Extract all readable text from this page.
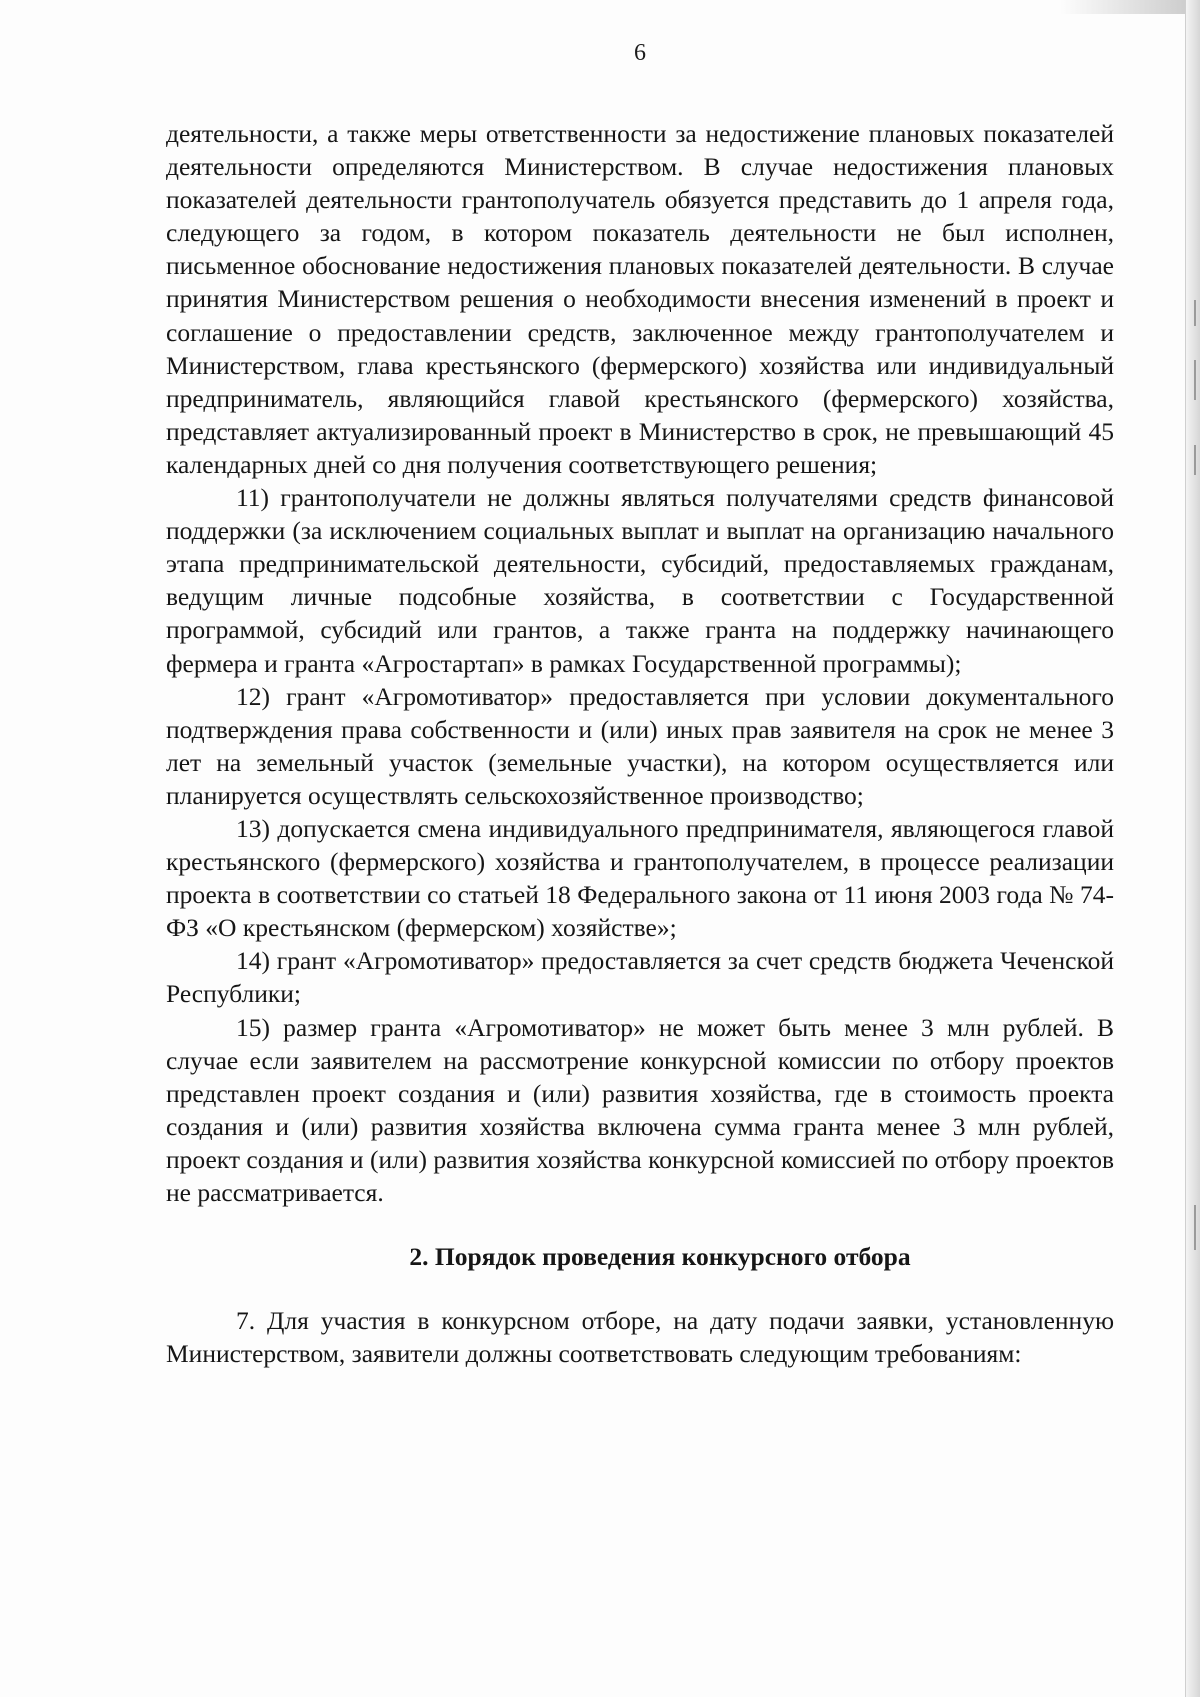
6

деятельности, а также меры ответственности за недостижение плановых показателей деятельности определяются Министерством. В случае недостижения плановых показателей деятельности грантополучатель обязуется представить до 1 апреля года, следующего за годом, в котором показатель деятельности не был исполнен, письменное обоснование недостижения плановых показателей деятельности. В случае принятия Министерством решения о необходимости внесения изменений в проект и соглашение о предоставлении средств, заключенное между грантополучателем и Министерством, глава крестьянского (фермерского) хозяйства или индивидуальный предприниматель, являющийся главой крестьянского (фермерского) хозяйства, представляет актуализированный проект в Министерство в срок, не превышающий 45 календарных дней со дня получения соответствующего решения;

11) грантополучатели не должны являться получателями средств финансовой поддержки (за исключением социальных выплат и выплат на организацию начального этапа предпринимательской деятельности, субсидий, предоставляемых гражданам, ведущим личные подсобные хозяйства, в соответствии с Государственной программой, субсидий или грантов, а также гранта на поддержку начинающего фермера и гранта «Агростартап» в рамках Государственной программы);

12) грант «Агромотиватор» предоставляется при условии документального подтверждения права собственности и (или) иных прав заявителя на срок не менее 3 лет на земельный участок (земельные участки), на котором осуществляется или планируется осуществлять сельскохозяйственное производство;

13) допускается смена индивидуального предпринимателя, являющегося главой крестьянского (фермерского) хозяйства и грантополучателем, в процессе реализации проекта в соответствии со статьей 18 Федерального закона от 11 июня 2003 года № 74-ФЗ «О крестьянском (фермерском) хозяйстве»;

14) грант «Агромотиватор» предоставляется за счет средств бюджета Чеченской Республики;

15) размер гранта «Агромотиватор» не может быть менее 3 млн рублей. В случае если заявителем на рассмотрение конкурсной комиссии по отбору проектов представлен проект создания и (или) развития хозяйства, где в стоимость проекта создания и (или) развития хозяйства включена сумма гранта менее 3 млн рублей, проект создания и (или) развития хозяйства конкурсной комиссией по отбору проектов не рассматривается.

2. Порядок проведения конкурсного отбора

7. Для участия в конкурсном отборе, на дату подачи заявки, установленную Министерством, заявители должны соответствовать следующим требованиям:
